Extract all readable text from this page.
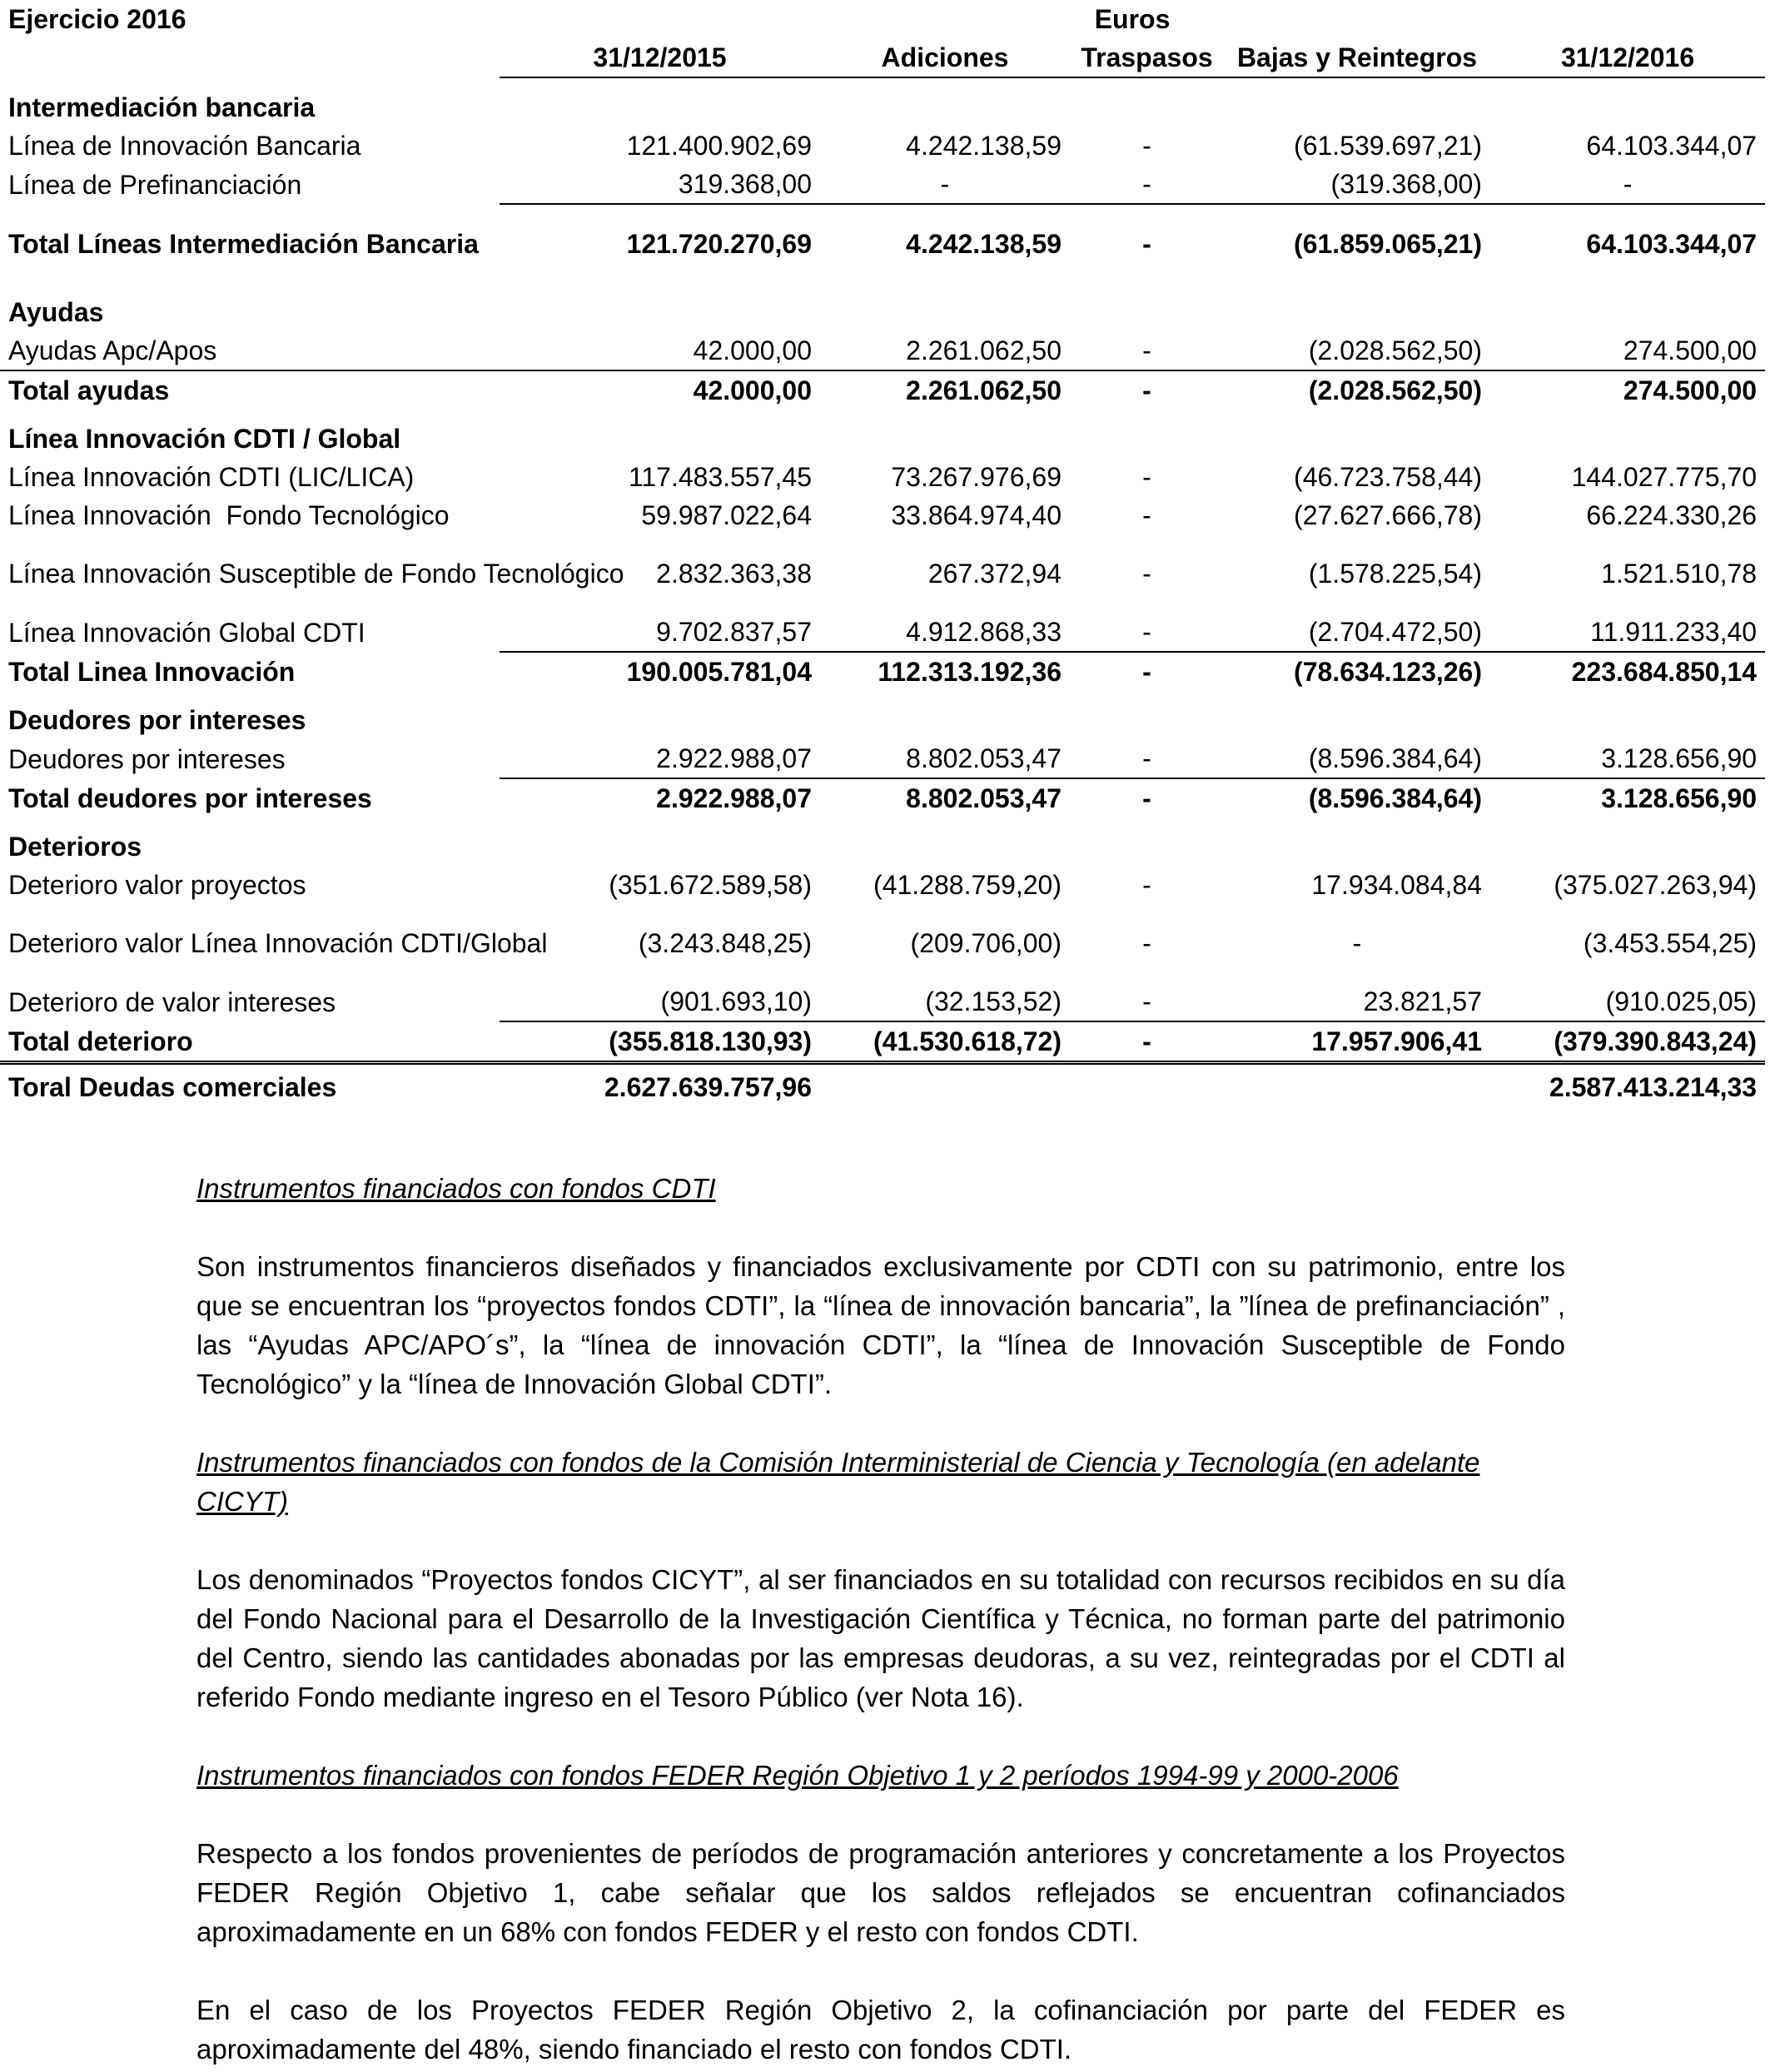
Ejercicio 2016	Euros				
	31/12/2015	Adiciones	Traspasos	Bajas y Reintegros	31/12/2016
Intermediación bancaria					
Línea de Innovación Bancaria	121.400.902,69	4.242.138,59	-	(61.539.697,21)	64.103.344,07
Línea de Prefinanciación	319.368,00	-	-	(319.368,00)	-
Total Líneas Intermediación Bancaria	121.720.270,69	4.242.138,59	-	(61.859.065,21)	64.103.344,07
Ayudas					
Ayudas Apc/Apos	42.000,00	2.261.062,50	-	(2.028.562,50)	274.500,00
Total ayudas	42.000,00	2.261.062,50	-	(2.028.562,50)	274.500,00
Línea Innovación CDTI / Global					
Línea Innovación CDTI (LIC/LICA)	117.483.557,45	73.267.976,69	-	(46.723.758,44)	144.027.775,70
Línea Innovación  Fondo Tecnológico	59.987.022,64	33.864.974,40	-	(27.627.666,78)	66.224.330,26
Línea Innovación Susceptible de Fondo Tecnológico	2.832.363,38	267.372,94	-	(1.578.225,54)	1.521.510,78
Línea Innovación Global CDTI	9.702.837,57	4.912.868,33	-	(2.704.472,50)	11.911.233,40
Total Linea Innovación	190.005.781,04	112.313.192,36	-	(78.634.123,26)	223.684.850,14
Deudores por intereses					
Deudores por intereses	2.922.988,07	8.802.053,47	-	(8.596.384,64)	3.128.656,90
Total deudores por intereses	2.922.988,07	8.802.053,47	-	(8.596.384,64)	3.128.656,90
Deterioros					
Deterioro valor proyectos	(351.672.589,58)	(41.288.759,20)	-	17.934.084,84	(375.027.263,94)
Deterioro valor Línea Innovación CDTI/Global	(3.243.848,25)	(209.706,00)	-	-	(3.453.554,25)
Deterioro de valor intereses	(901.693,10)	(32.153,52)	-	23.821,57	(910.025,05)
Total deterioro	(355.818.130,93)	(41.530.618,72)	-	17.957.906,41	(379.390.843,24)
Toral Deudas comerciales	2.627.639.757,96				2.587.413.214,33
Instrumentos financiados con fondos CDTI
Son instrumentos financieros diseñados y financiados exclusivamente por CDTI con su patrimonio, entre los que se encuentran los “proyectos fondos CDTI”, la “línea de innovación bancaria”, la ”línea de prefinanciación” , las “Ayudas APC/APO´s”, la “línea de innovación CDTI”, la “línea de Innovación Susceptible de Fondo Tecnológico” y la “línea de Innovación Global CDTI”.
Instrumentos financiados con fondos de la Comisión Interministerial de Ciencia y Tecnología (en adelante CICYT)
Los denominados “Proyectos fondos CICYT”, al ser financiados en su totalidad con recursos recibidos en su día del Fondo Nacional para el Desarrollo de la Investigación Científica y Técnica, no forman parte del patrimonio del Centro, siendo las cantidades abonadas por las empresas deudoras, a su vez, reintegradas por el CDTI al referido Fondo mediante ingreso en el Tesoro Público (ver Nota 16).
Instrumentos financiados con fondos FEDER Región Objetivo 1 y 2 períodos 1994-99 y 2000-2006
Respecto a los fondos provenientes de períodos de programación anteriores y concretamente a los Proyectos FEDER Región Objetivo 1, cabe señalar que los saldos reflejados se encuentran cofinanciados aproximadamente en un 68% con fondos FEDER y el resto con fondos CDTI.
En el caso de los Proyectos FEDER Región Objetivo 2, la cofinanciación por parte del FEDER es aproximadamente del 48%, siendo financiado el resto con fondos CDTI.
